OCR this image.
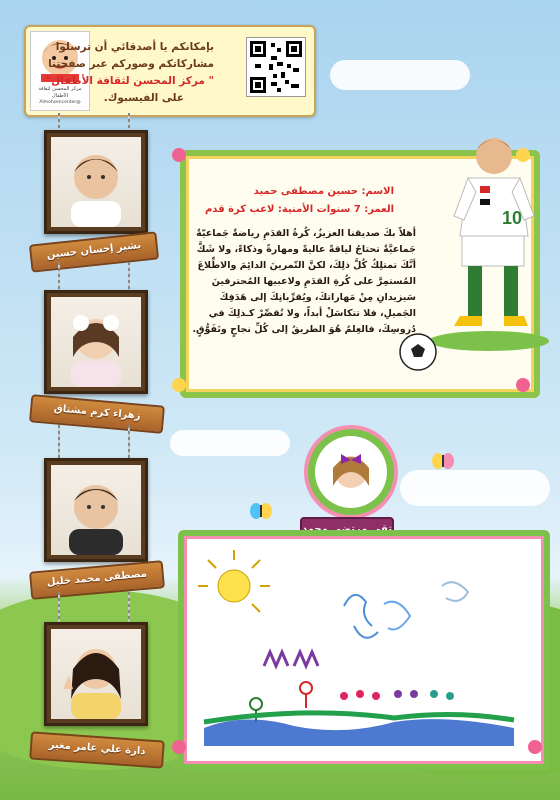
مركز المحسن لثقافة الأطفال
Almohsencenter@
بإمكانكم يا أصدقائي أن ترسلوا
مشاركاتكم وصوركم عبر صفحتنا
" مركز المحسن لثقافة الأطفال"
على الفيسبوك.
بشير إحسان حسين
زهراء كرم مشتاق
مصطفى محمد خليل
دارة علي عامر مغير
الاسم: حسين مصطفى حميد
العمر: 7 سنوات الأمنية: لاعب كرة قدم
أهلاً بكَ صديقنا العزيزُ، كُرةُ القدَمِ رياضةٌ جَماعيّةٌ
جَماعيَّةٌ تحتاجُ لياقةً عاليةً ومهارةً وذكاءً، ولا شَكَّ
أنَّكَ تمتلِكُ كُلَّ ذلِكَ، لكنَّ التّمرينَ الدائِمَ والاطِّلاعَ
المُستمِرَّ على كُرةِ القدَمِ ولاعبيها المُحترفينَ
سَيزيدانِ مِنْ مَهاراتكَ، ويُقرِّبانِكَ إلى هَدَفِكَ
الجَميلِ، فلا تتكاسَلْ أبداً، ولا تُقصِّرْ كـذلِكَ في
دُروسِكَ، فالعِلمُ هُوَ الطريقُ إلى كُلِّ نجاحٍ وتَفَوُّقٍ.
10
